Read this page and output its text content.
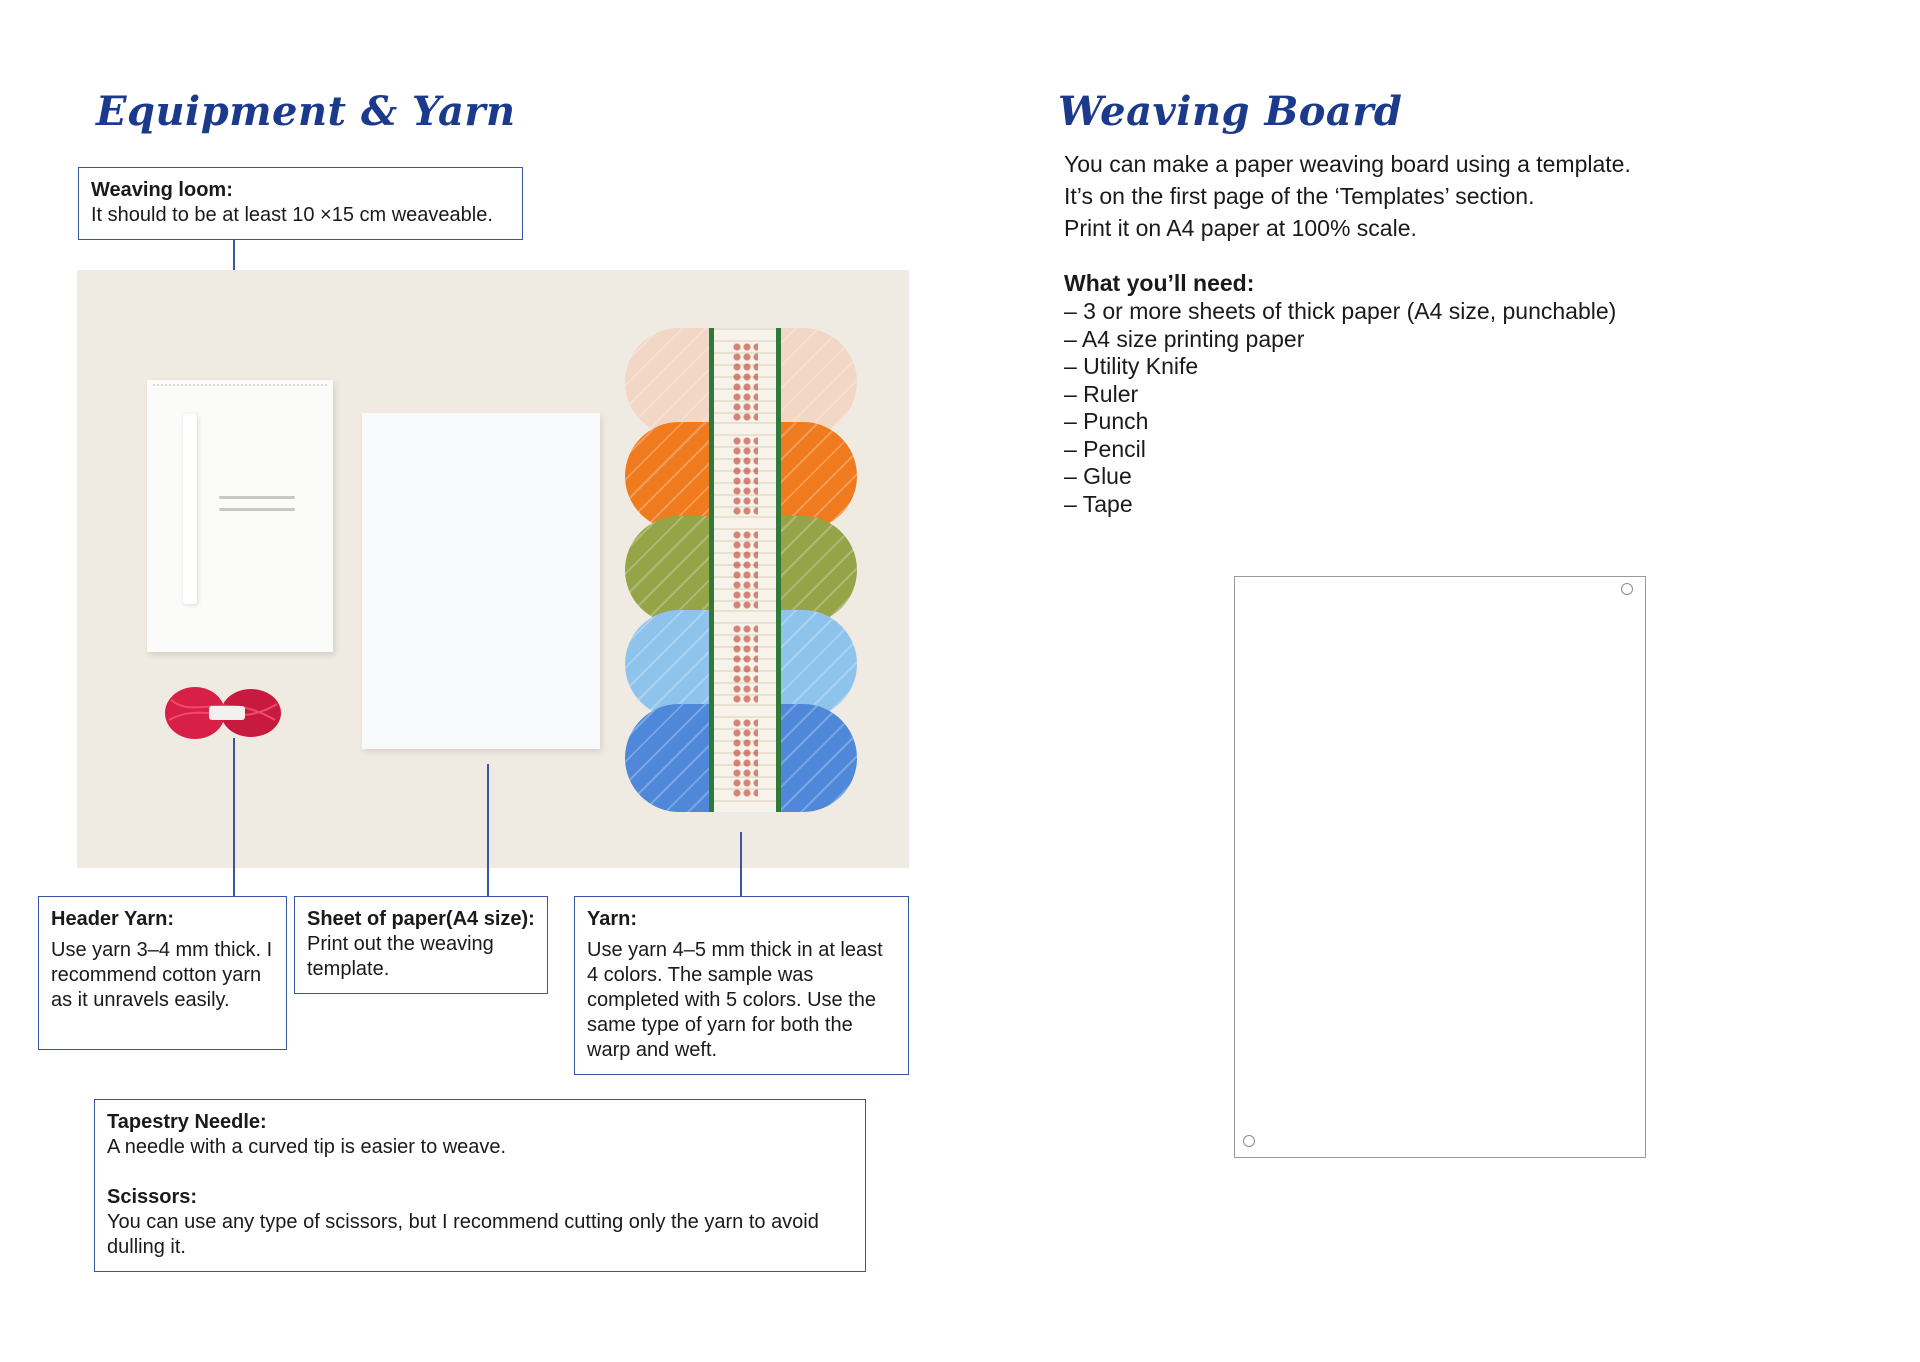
Equipment & Yarn	Weaving Board
Weaving loom:
It should to be at least 10 ×15 cm weaveable.
Header Yarn:
Use yarn 3–4 mm thick. I recommend cotton yarn as it unravels easily.
Sheet of paper(A4 size):
Print out the weaving template.
Yarn:
Use yarn 4–5 mm thick in at least 4 colors. The sample was completed with 5 colors. Use the same type of yarn for both the warp and weft.
Tapestry Needle:
A needle with a curved tip is easier to weave.
Scissors:
You can use any type of scissors, but I recommend cutting only the yarn to avoid dulling it.
You can make a paper weaving board using a template.
It’s on the first page of the ‘Templates’ section.
Print it on A4 paper at 100% scale.
What you’ll need:
– 3 or more sheets of thick paper (A4 size, punchable)
– A4 size printing paper
– Utility Knife
– Ruler
– Punch
– Pencil
– Glue
– Tape
